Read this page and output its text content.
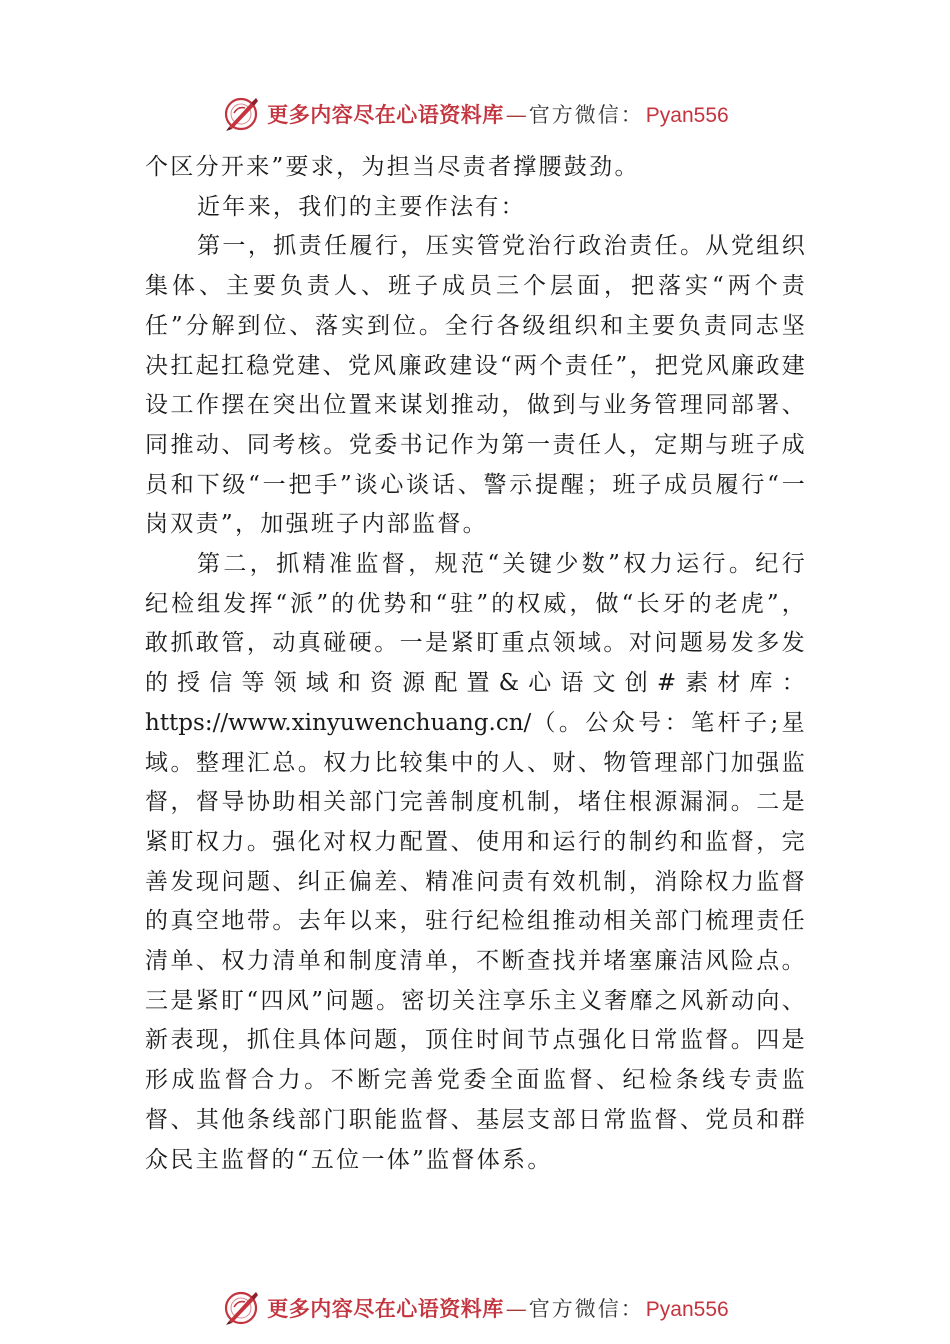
更多内容尽在心语资料库 — 官方微信： Pyan556

个区分开来”要求，为担当尽责者撑腰鼓劲。

近年来，我们的主要作法有：

第一，抓责任履行，压实管党治行政治责任。从党组织集体、主要负责人、班子成员三个层面，把落实“两个责任”分解到位、落实到位。全行各级组织和主要负责同志坚决扛起扛稳党建、党风廉政建设“两个责任”，把党风廉政建设工作摆在突出位置来谋划推动，做到与业务管理同部署、同推动、同考核。党委书记作为第一责任人，定期与班子成员和下级“一把手”谈心谈话、警示提醒；班子成员履行“一岗双责”，加强班子内部监督。

第二，抓精准监督，规范“关键少数”权力运行。纪行纪检组发挥“派”的优势和“驻”的权威，做“长牙的老虎”，敢抓敢管，动真碰硬。一是紧盯重点领域。对问题易发多发的授信等领域和资源配置&心语文创#素材库：https://www.xinyuwenchuang.cn/（。公众号：笔杆子;星域。整理汇总。权力比较集中的人、财、物管理部门加强监督，督导协助相关部门完善制度机制，堵住根源漏洞。二是紧盯权力。强化对权力配置、使用和运行的制约和监督，完善发现问题、纠正偏差、精准问责有效机制，消除权力监督的真空地带。去年以来，驻行纪检组推动相关部门梳理责任清单、权力清单和制度清单，不断查找并堵塞廉洁风险点。三是紧盯“四风”问题。密切关注享乐主义奢靡之风新动向、新表现，抓住具体问题，顶住时间节点强化日常监督。四是形成监督合力。不断完善党委全面监督、纪检条线专责监督、其他条线部门职能监督、基层支部日常监督、党员和群众民主监督的“五位一体”监督体系。

更多内容尽在心语资料库 — 官方微信： Pyan556
